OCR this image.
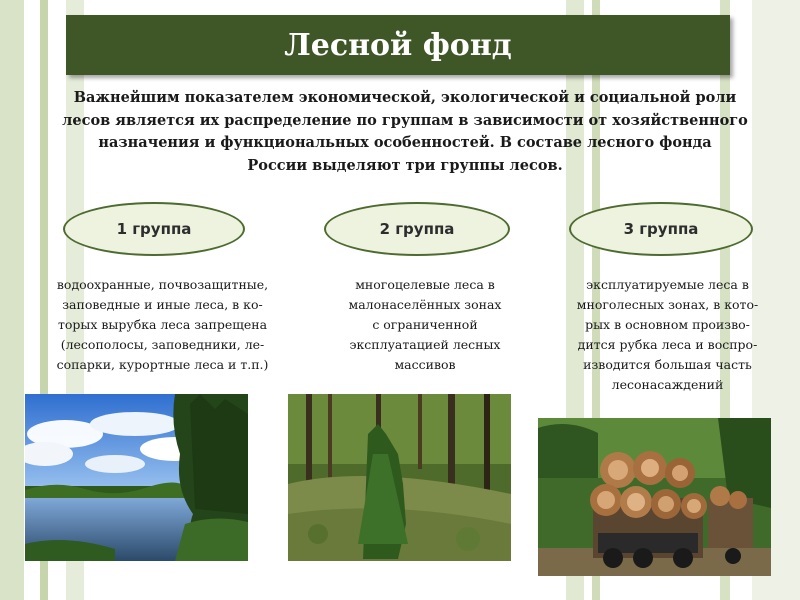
Лесной фонд
Важнейшим показателем экономической, экологической и социальной роли
лесов является их распределение по группам в зависимости от хозяйственного
назначения и функциональных особенностей. В составе лесного фонда
России выделяют три группы лесов.
1 группа	2 группа	3 группа
водоохранные, почвозащитные,
заповедные и иные леса, в ко-
торых вырубка леса запрещена
(лесополосы, заповедники, ле-
сопарки, курортные леса и т.п.)
многоцелевые леса в
малонаселённых зонах
с ограниченной
эксплуатацией лесных
массивов
эксплуатируемые леса в
многолесных зонах, в кото-
рых в основном произво-
дится рубка леса и воспро-
изводится большая часть
лесонасаждений
